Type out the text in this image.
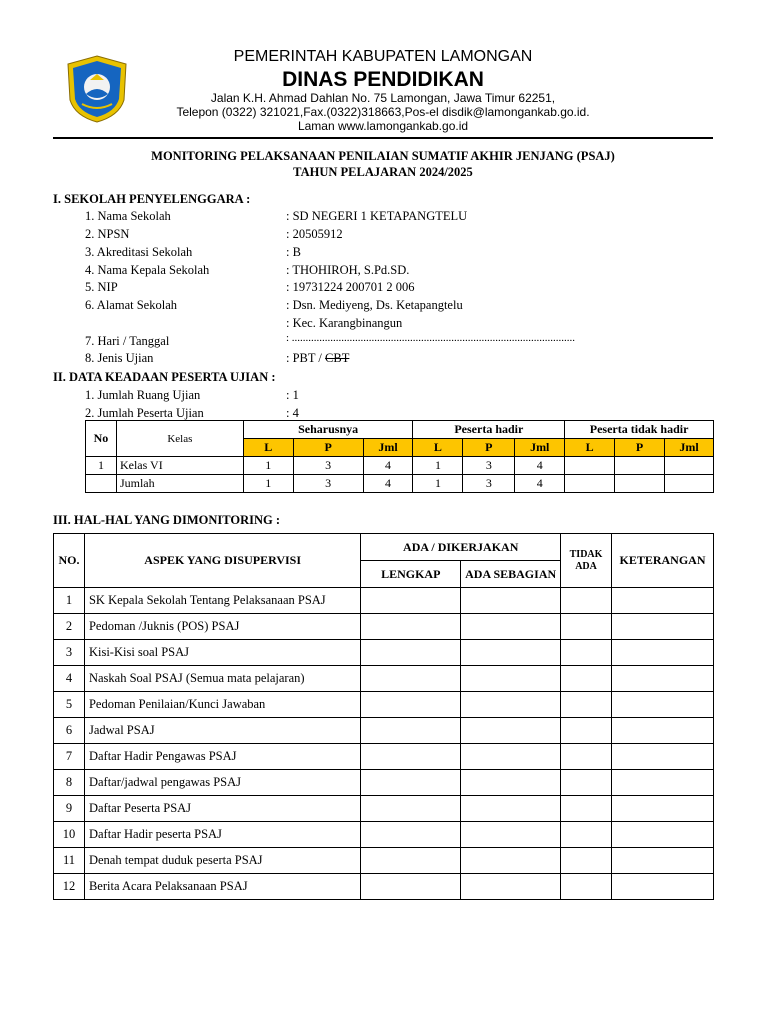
PEMERINTAH KABUPATEN LAMONGAN
DINAS PENDIDIKAN
Jalan K.H. Ahmad Dahlan No. 75 Lamongan, Jawa Timur 62251,
Telepon (0322) 321021,Fax.(0322)318663,Pos-el disdik@lamongankab.go.id.
Laman www.lamongankab.go.id
MONITORING PELAKSANAAN PENILAIAN SUMATIF AKHIR JENJANG (PSAJ)
TAHUN PELAJARAN 2024/2025
I. SEKOLAH PENYELENGGARA :
1. Nama Sekolah	: SD NEGERI 1 KETAPANGTELU
2. NPSN	: 20505912
3. Akreditasi Sekolah	: B
4. Nama Kepala Sekolah	: THOHIROH, S.Pd.SD.
5. NIP	: 19731224 200701 2 006
6. Alamat Sekolah	: Dsn. Mediyeng, Ds. Ketapangtelu
: Kec. Karangbinangun
7. Hari / Tanggal	: .......................................................................................................
8. Jenis Ujian	: PBT / CBT
II. DATA KEADAAN PESERTA UJIAN :
1. Jumlah Ruang Ujian	: 1
2. Jumlah Peserta Ujian	: 4
No	Kelas	Seharusnya			Peserta hadir			Peserta tidak hadir		
		L	P	Jml	L	P	Jml	L	P	Jml
1	Kelas VI	1	3	4	1	3	4			
	Jumlah	1	3	4	1	3	4			
III. HAL-HAL YANG DIMONITORING :
NO.	ASPEK YANG DISUPERVISI	ADA / DIKERJAKAN		TIDAK ADA	KETERANGAN
		LENGKAP	ADA SEBAGIAN		
1	SK Kepala Sekolah Tentang Pelaksanaan PSAJ				
2	Pedoman /Juknis (POS) PSAJ				
3	Kisi-Kisi soal PSAJ				
4	Naskah Soal PSAJ (Semua mata pelajaran)				
5	Pedoman Penilaian/Kunci Jawaban				
6	Jadwal PSAJ				
7	Daftar Hadir Pengawas PSAJ				
8	Daftar/jadwal pengawas PSAJ				
9	Daftar Peserta PSAJ				
10	Daftar Hadir peserta PSAJ				
11	Denah tempat duduk peserta PSAJ				
12	Berita Acara Pelaksanaan PSAJ				
